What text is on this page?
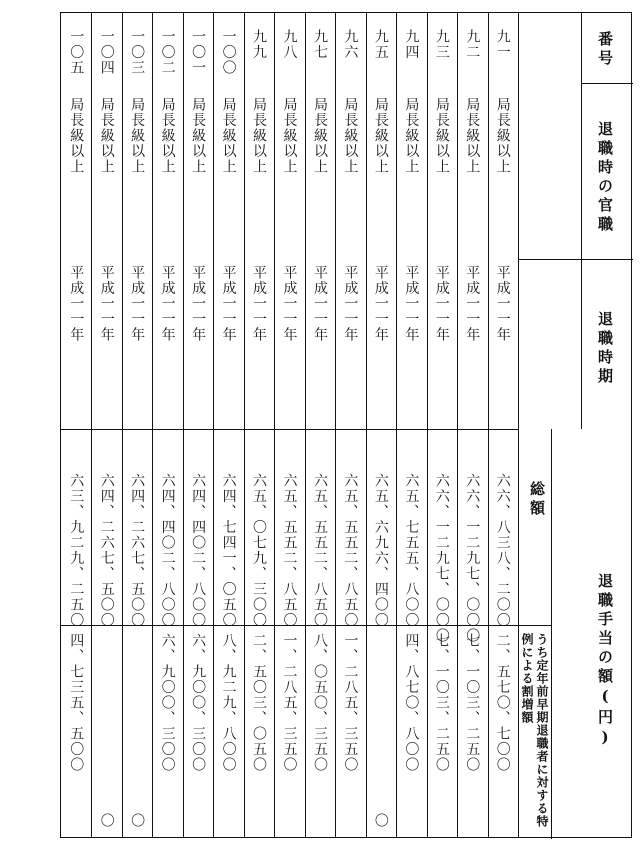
番号
退職時の官職
退職時期
退職手当の額(円)
総額
うち定年前早期退職者に対する特例による割増額
九一
局長級以上
平成一一年
六六、八三八、二〇〇
二、五七〇、七〇〇
九二
局長級以上
平成一一年
六六、一二九七、〇〇〇
七、一〇三、二五〇
九三
局長級以上
平成一一年
六六、一二九七、〇〇〇
七、一〇三、二五〇
九四
局長級以上
平成一一年
六五、七五五、八〇〇
四、八七〇、八〇〇
九五
局長級以上
平成一一年
六五、六九六、四〇〇
〇
九六
局長級以上
平成一一年
六五、五五二、八五〇
一、二八五、三五〇
九七
局長級以上
平成一一年
六五、五五二、八五〇
八、〇五〇、三五〇
九八
局長級以上
平成一一年
六五、五五二、八五〇
一、二八五、三五〇
九九
局長級以上
平成一一年
六五、〇七九、三〇〇
二、五〇三、〇五〇
一〇〇
局長級以上
平成一一年
六四、七四一、〇五〇
八、九二九、八〇〇
一〇一
局長級以上
平成一一年
六四、四〇二、八〇〇
六、九〇〇、三〇〇
一〇二
局長級以上
平成一一年
六四、四〇二、八〇〇
六、九〇〇、三〇〇
一〇三
局長級以上
平成一一年
六四、二六七、五〇〇
〇
一〇四
局長級以上
平成一一年
六四、二六七、五〇〇
〇
一〇五
局長級以上
平成一一年
六三、九二九、二五〇
四、七三五、五〇〇
